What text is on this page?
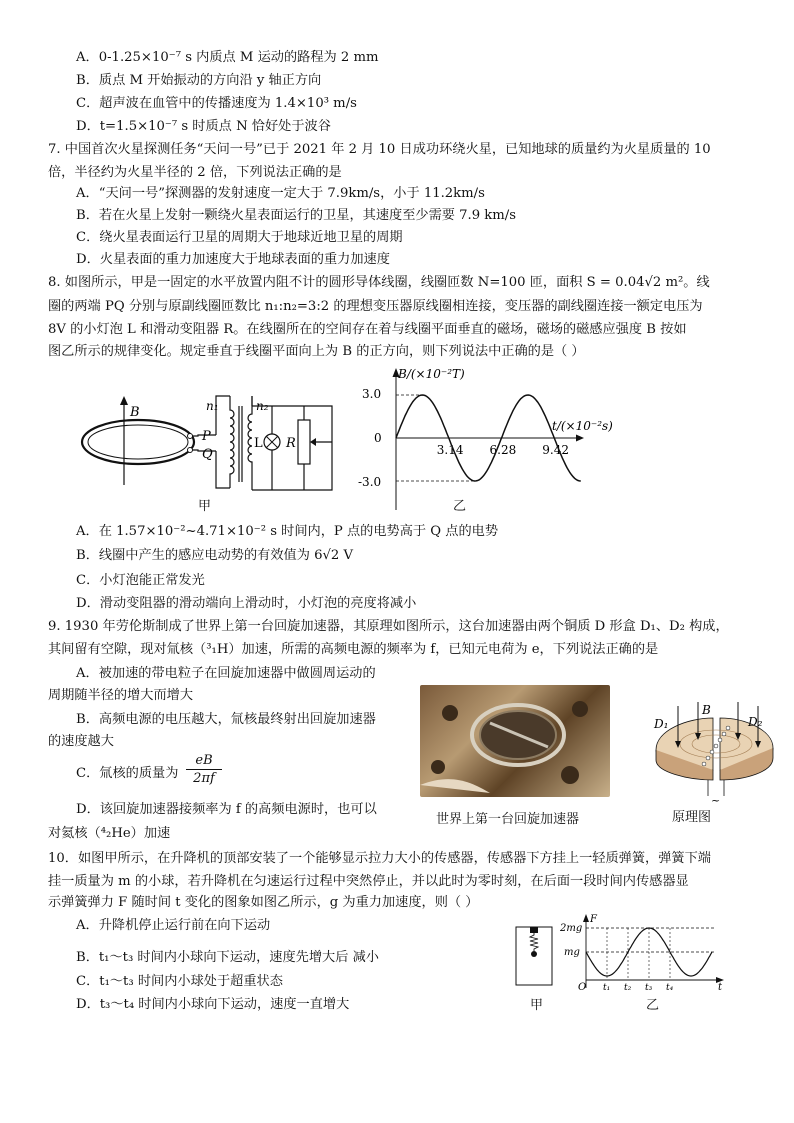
A．0-1.25×10⁻⁷ s 内质点 M 运动的路程为 2 mm
B．质点 M 开始振动的方向沿 y 轴正方向
C．超声波在血管中的传播速度为 1.4×10³ m/s
D．t=1.5×10⁻⁷ s 时质点 N 恰好处于波谷
7. 中国首次火星探测任务“天问一号”已于 2021 年 2 月 10 日成功环绕火星，已知地球的质量约为火星质量的 10
倍，半径约为火星半径的 2 倍，下列说法正确的是
A．“天问一号”探测器的发射速度一定大于 7.9km/s，小于 11.2km/s
B．若在火星上发射一颗绕火星表面运行的卫星，其速度至少需要 7.9 km/s
C．绕火星表面运行卫星的周期大于地球近地卫星的周期
D．火星表面的重力加速度大于地球表面的重力加速度
8. 如图所示，甲是一固定的水平放置内阻不计的圆形导体线圈，线圈匝数 N=100 匝，面积 S = 0.04√2 m²。线
圈的两端 PQ 分别与原副线圈匝数比 n₁:n₂=3:2 的理想变压器原线圈相连接，变压器的副线圈连接一额定电压为
8V 的小灯泡 L 和滑动变阻器 R。在线圈所在的空间存在着与线圈平面垂直的磁场，磁场的磁感应强度 B 按如
图乙所示的规律变化。规定垂直于线圈平面向上为 B 的正方向，则下列说法中正确的是（ ）
B	n₁	n₂
P
Q
L R
甲
B/(×10⁻²T)
t/(×10⁻²s)
3.0
0
-3.0
3.14 6.28 9.42
乙
A．在 1.57×10⁻²~4.71×10⁻² s 时间内，P 点的电势高于 Q 点的电势
B．线圈中产生的感应电动势的有效值为 6√2 V
C．小灯泡能正常发光
D．滑动变阻器的滑动端向上滑动时，小灯泡的亮度将减小
9. 1930 年劳伦斯制成了世界上第一台回旋加速器，其原理如图所示，这台加速器由两个铜质 D 形盒 D₁、D₂ 构成，
其间留有空隙，现对氚核（³₁H）加速，所需的高频电源的频率为 f，已知元电荷为 e，下列说法正确的是
A．被加速的带电粒子在回旋加速器中做圆周运动的
周期随半径的增大而增大
B．高频电源的电压越大，氚核最终射出回旋加速器
的速度越大
C．氚核的质量为 $\frac{eB}{2\pi f}$
D．该回旋加速器接频率为 f 的高频电源时，也可以
对氦核（⁴₂He）加速
世界上第一台回旋加速器
D₁	D₂
B
~
原理图
10．如图甲所示，在升降机的顶部安装了一个能够显示拉力大小的传感器，传感器下方挂上一轻质弹簧，弹簧下端
挂一质量为 m 的小球，若升降机在匀速运行过程中突然停止，并以此时为零时刻，在后面一段时间内传感器显
示弹簧弹力 F 随时间 t 变化的图象如图乙所示，g 为重力加速度，则（ ）
A．升降机停止运行前在向下运动
B．t₁～t₃ 时间内小球向下运动，速度先增大后 减小
C．t₁～t₃ 时间内小球处于超重状态
D．t₃～t₄ 时间内小球向下运动，速度一直增大	甲
F
t
2mg
mg
O t₁ t₂ t₃ t₄
乙
